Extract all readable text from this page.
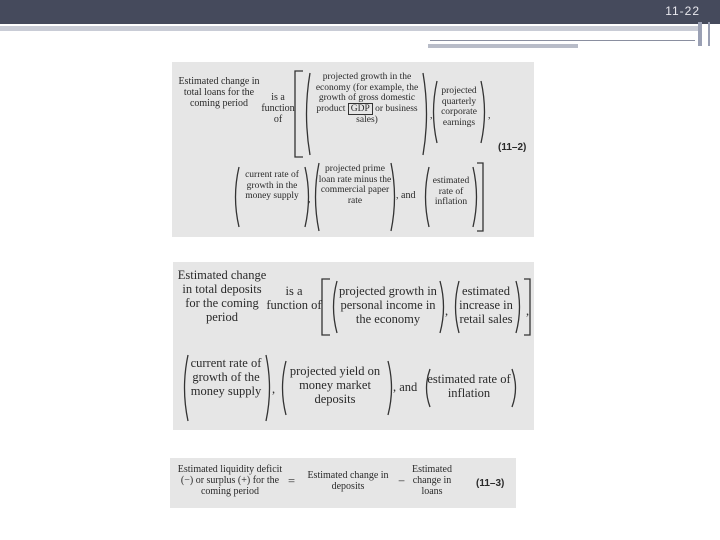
11-22
Estimated change in total loans for the coming period
is a function of
projected growth in the economy (for example, the growth of gross domestic product GDP or business sales)	,
projected quarterly corporate earnings
,
(11–2)
current rate of growth in the money supply ,
projected prime loan rate minus the commercial paper rate	, and
estimated rate of inflation
Estimated change in total deposits for the coming period
is a function of
projected growth in personal income in the economy
,
estimated increase in retail sales
,
current rate of growth of the money supply ,
projected yield on money market deposits
, and
estimated rate of inflation
Estimated liquidity deficit (−) or surplus (+) for the coming period
=	Estimated change in deposits	−
Estimated change in loans
(11–3)
